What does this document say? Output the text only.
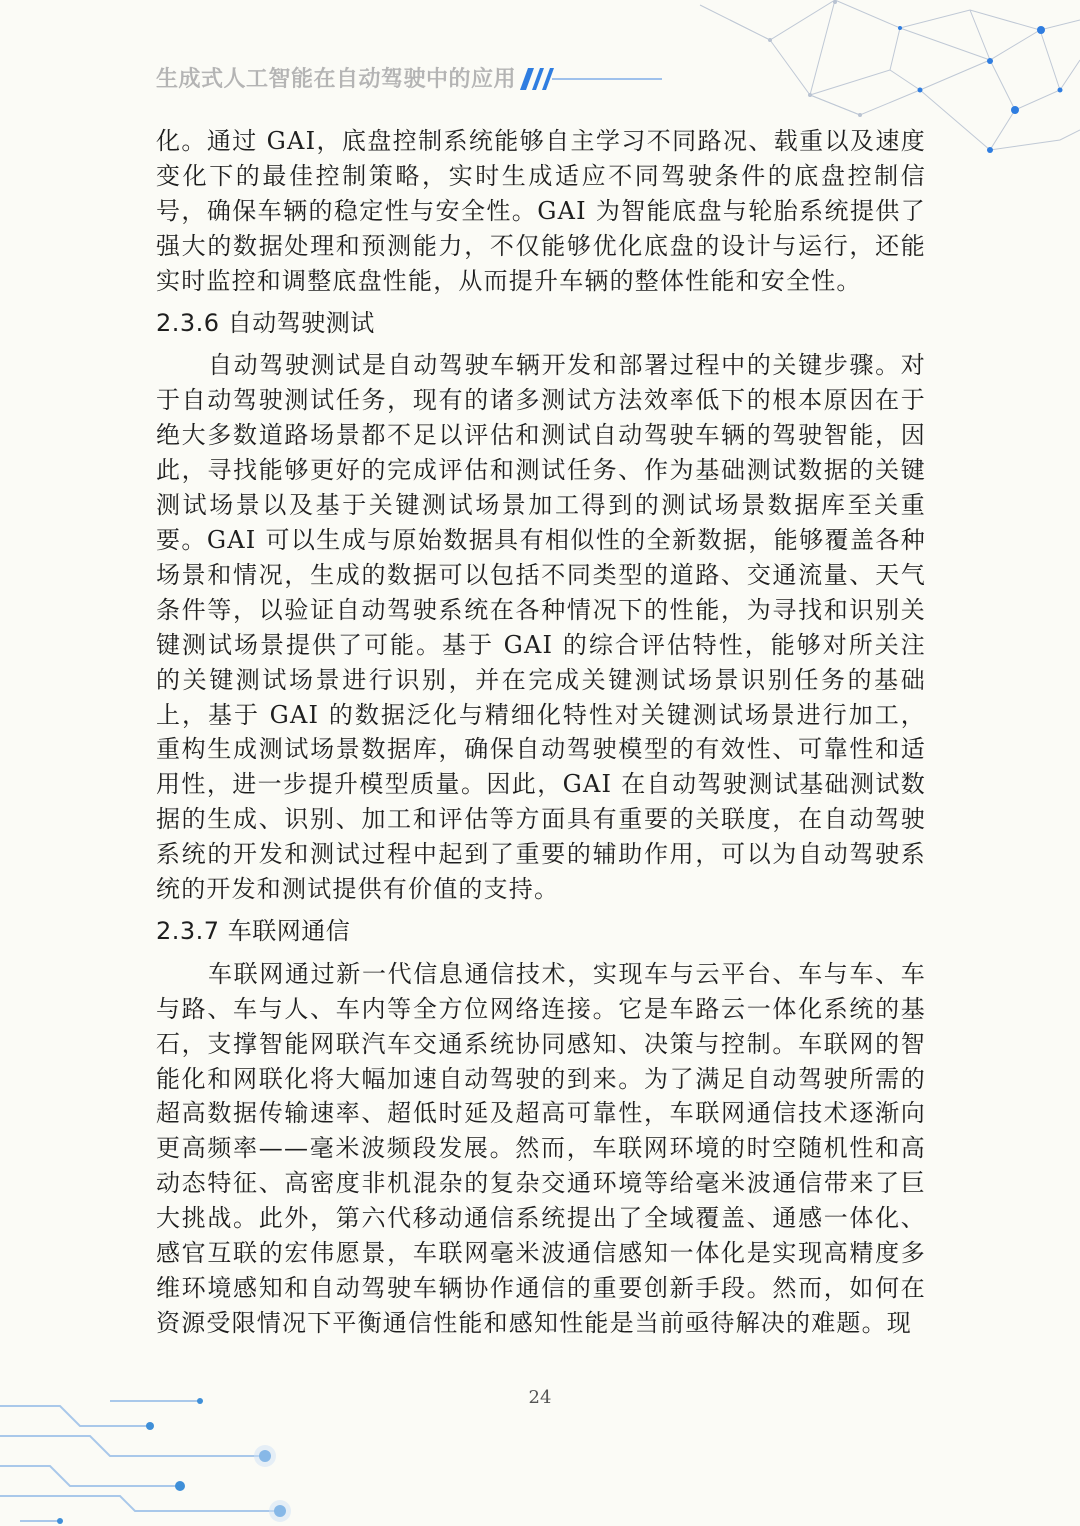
生成式人工智能在自动驾驶中的应用

化。通过 GAI，底盘控制系统能够自主学习不同路况、载重以及速度变化下的最佳控制策略，实时生成适应不同驾驶条件的底盘控制信号，确保车辆的稳定性与安全性。GAI 为智能底盘与轮胎系统提供了强大的数据处理和预测能力，不仅能够优化底盘的设计与运行，还能实时监控和调整底盘性能，从而提升车辆的整体性能和安全性。

2.3.6 自动驾驶测试

自动驾驶测试是自动驾驶车辆开发和部署过程中的关键步骤。对于自动驾驶测试任务，现有的诸多测试方法效率低下的根本原因在于绝大多数道路场景都不足以评估和测试自动驾驶车辆的驾驶智能，因此，寻找能够更好的完成评估和测试任务、作为基础测试数据的关键测试场景以及基于关键测试场景加工得到的测试场景数据库至关重 要。GAI 可以生成与原始数据具有相似性的全新数据，能够覆盖各种场景和情况，生成的数据可以包括不同类型的道路、交通流量、天气条件等，以验证自动驾驶系统在各种情况下的性能，为寻找和识别关键测试场景提供了可能。基于 GAI 的综合评估特性，能够对所关注的关键测试场景进行识别，并在完成关键测试场景识别任务的基础上，基于 GAI 的数据泛化与精细化特性对关键测试场景进行加工，重构生成测试场景数据库，确保自动驾驶模型的有效性、可靠性和适用性，进一步提升模型质量。因此，GAI 在自动驾驶测试基础测试数据的生成、识别、加工和评估等方面具有重要的关联度，在自动驾驶系统的开发和测试过程中起到了重要的辅助作用，可以为自动驾驶系统的开发和测试提供有价值的支持。

2.3.7 车联网通信

车联网通过新一代信息通信技术，实现车与云平台、车与车、车与路、车与人、车内等全方位网络连接。它是车路云一体化系统的基石，支撑智能网联汽车交通系统协同感知、决策与控制。车联网的智能化和网联化将大幅加速自动驾驶的到来。为了满足自动驾驶所需的超高数据传输速率、超低时延及超高可靠性，车联网通信技术逐渐向更高频率——毫米波频段发展。然而，车联网环境的时空随机性和高动态特征、高密度非机混杂的复杂交通环境等给毫米波通信带来了巨大挑战。此外，第六代移动通信系统提出了全域覆盖、通感一体化、感官互联的宏伟愿景，车联网毫米波通信感知一体化是实现高精度多维环境感知和自动驾驶车辆协作通信的重要创新手段。然而，如何在资源受限情况下平衡通信性能和感知性能是当前亟待解决的难题。现

24
